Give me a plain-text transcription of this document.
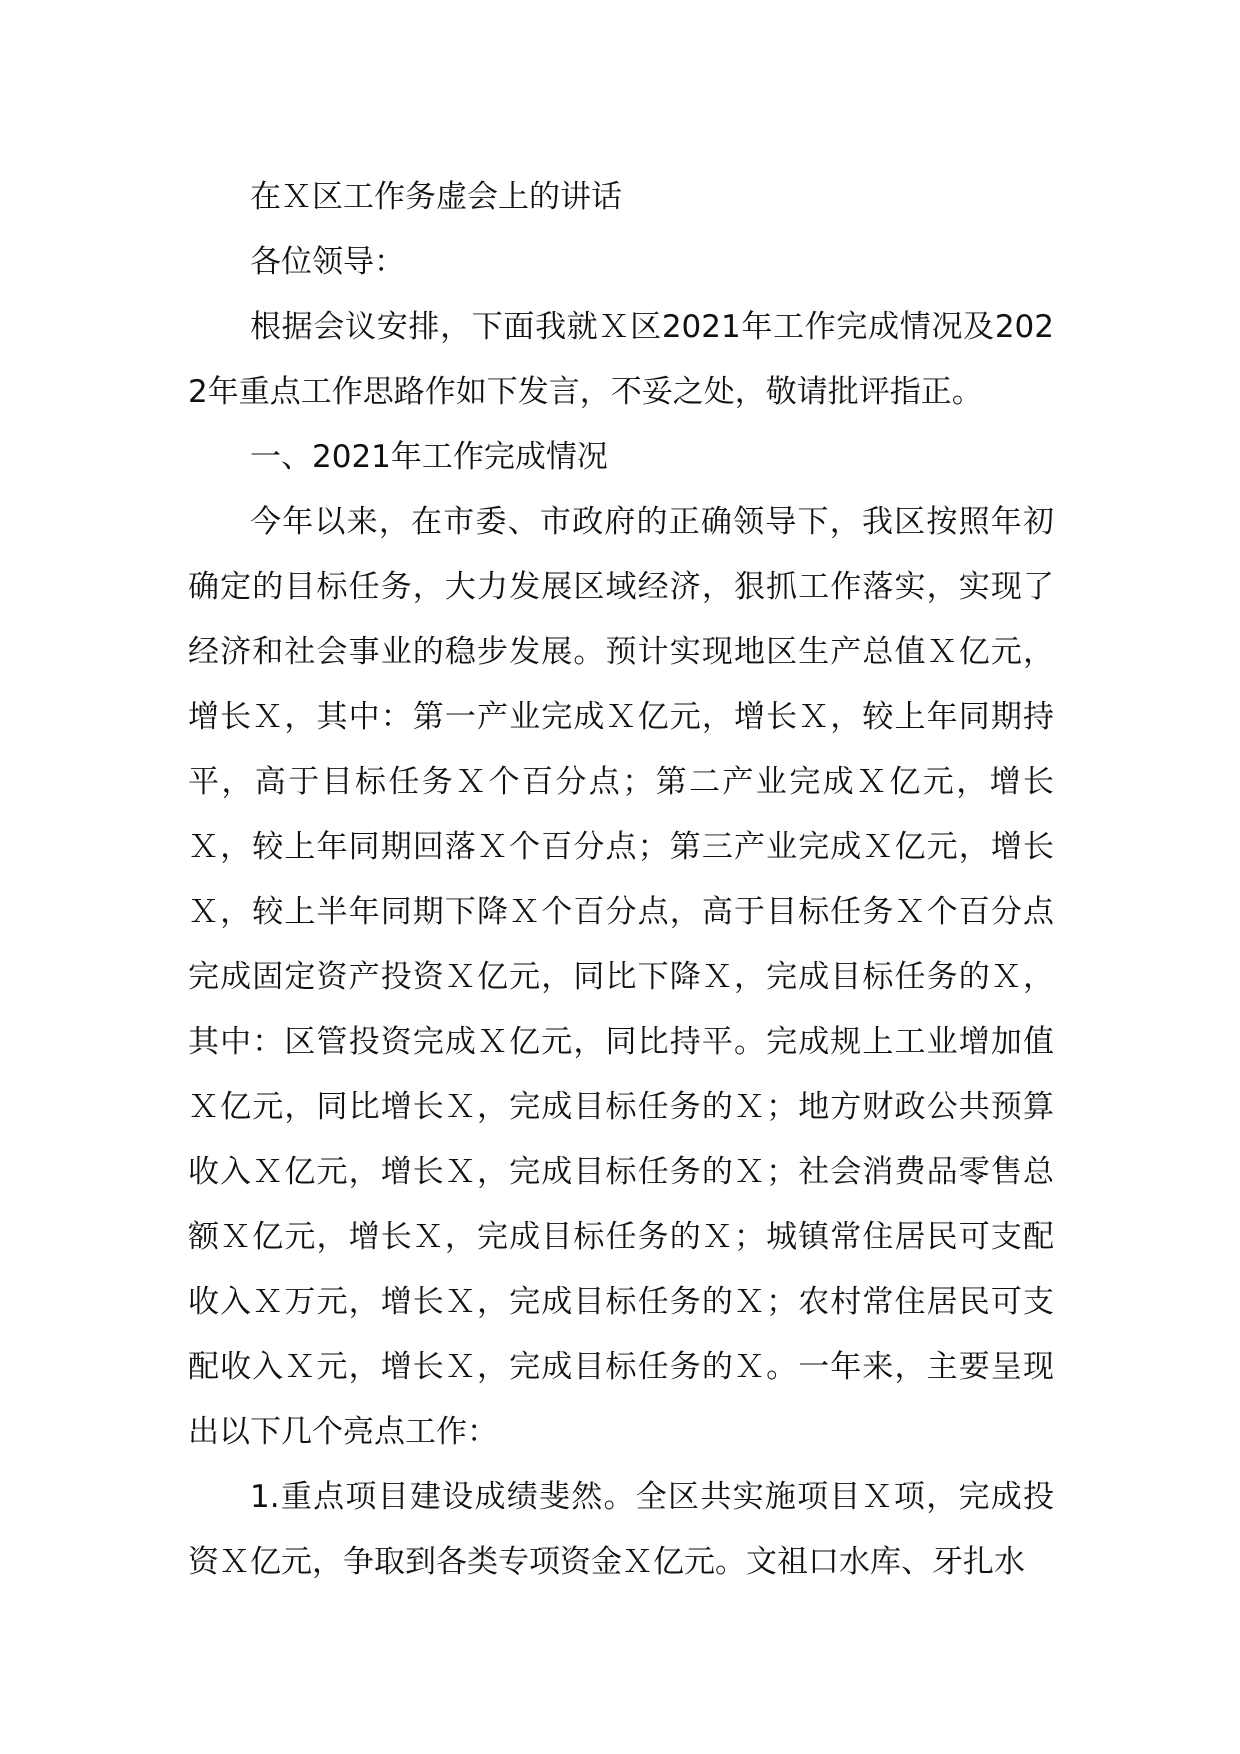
在Ｘ区工作务虚会上的讲话

各位领导：

根据会议安排，下面我就Ｘ区2021年工作完成情况及2022年重点工作思路作如下发言，不妥之处，敬请批评指正。

一、2021年工作完成情况

今年以来，在市委、市政府的正确领导下，我区按照年初确定的目标任务，大力发展区域经济，狠抓工作落实，实现了经济和社会事业的稳步发展。预计实现地区生产总值Ｘ亿元，增长Ｘ，其中：第一产业完成Ｘ亿元，增长Ｘ，较上年同期持平，高于目标任务Ｘ个百分点；第二产业完成Ｘ亿元，增长Ｘ，较上年同期回落Ｘ个百分点；第三产业完成Ｘ亿元，增长Ｘ，较上半年同期下降Ｘ个百分点，高于目标任务Ｘ个百分点完成固定资产投资Ｘ亿元，同比下降Ｘ，完成目标任务的Ｘ，其中：区管投资完成Ｘ亿元，同比持平。完成规上工业增加值Ｘ亿元，同比增长Ｘ，完成目标任务的Ｘ；地方财政公共预算收入Ｘ亿元，增长Ｘ，完成目标任务的Ｘ；社会消费品零售总额Ｘ亿元，增长Ｘ，完成目标任务的Ｘ；城镇常住居民可支配收入Ｘ万元，增长Ｘ，完成目标任务的Ｘ；农村常住居民可支配收入Ｘ元，增长Ｘ，完成目标任务的Ｘ。一年来，主要呈现出以下几个亮点工作：

1.重点项目建设成绩斐然。全区共实施项目Ｘ项，完成投资Ｘ亿元，争取到各类专项资金Ｘ亿元。文祖口水库、牙扎水
